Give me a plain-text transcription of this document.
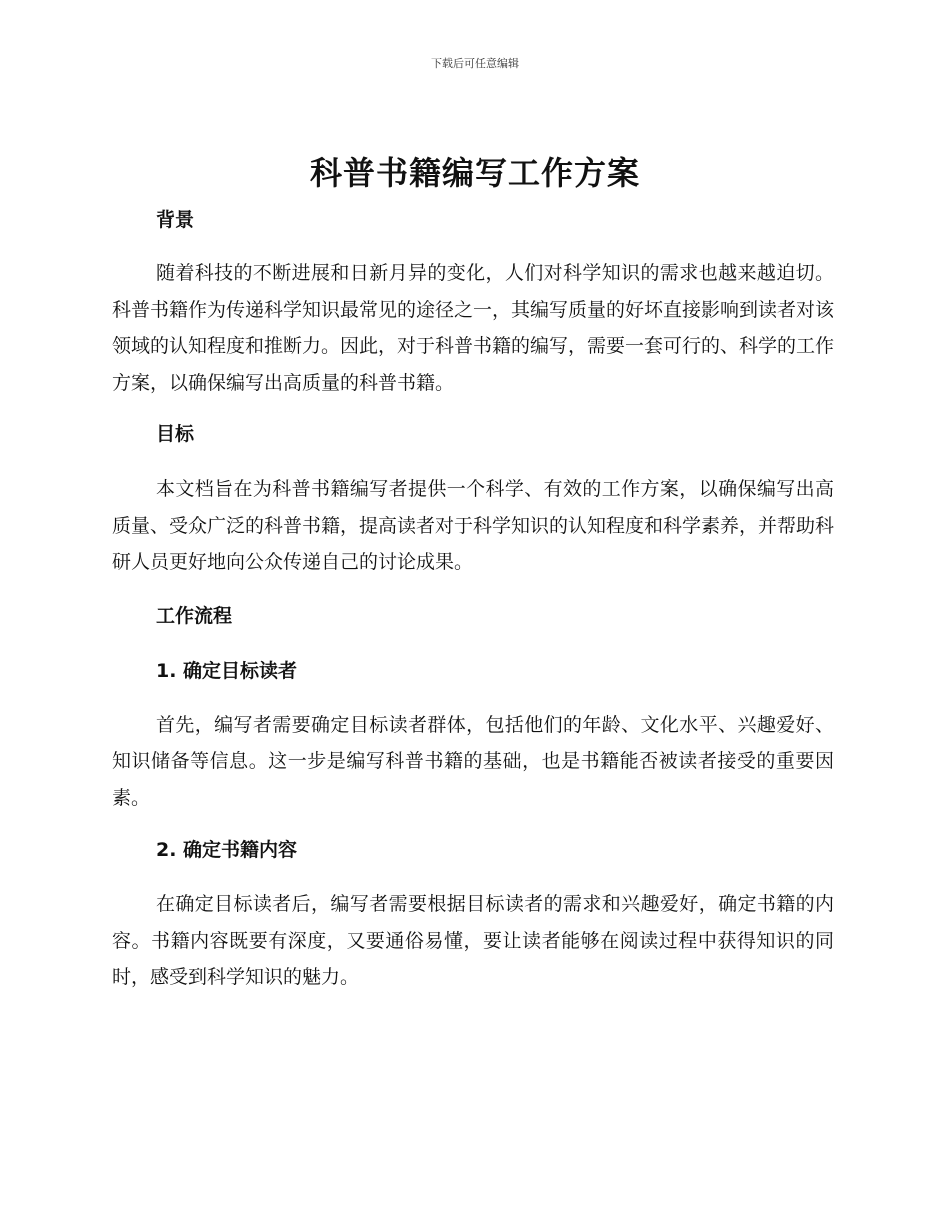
下载后可任意编辑
科普书籍编写工作方案
背景

随着科技的不断进展和日新月异的变化，人们对科学知识的需求也越来越迫切。科普书籍作为传递科学知识最常见的途径之一，其编写质量的好坏直接影响到读者对该领域的认知程度和推断力。因此，对于科普书籍的编写，需要一套可行的、科学的工作方案，以确保编写出高质量的科普书籍。

目标

本文档旨在为科普书籍编写者提供一个科学、有效的工作方案，以确保编写出高质量、受众广泛的科普书籍，提高读者对于科学知识的认知程度和科学素养，并帮助科研人员更好地向公众传递自己的讨论成果。

工作流程
1. 确定目标读者

首先，编写者需要确定目标读者群体，包括他们的年龄、文化水平、兴趣爱好、知识储备等信息。这一步是编写科普书籍的基础，也是书籍能否被读者接受的重要因素。

2. 确定书籍内容

在确定目标读者后，编写者需要根据目标读者的需求和兴趣爱好，确定书籍的内容。书籍内容既要有深度，又要通俗易懂，要让读者能够在阅读过程中获得知识的同时，感受到科学知识的魅力。
